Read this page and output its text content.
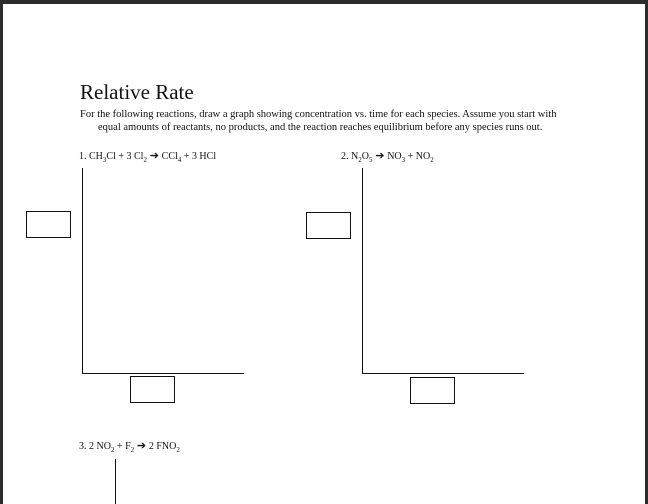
Relative Rate
For the following reactions, draw a graph showing concentration vs. time for each species. Assume you start with
equal amounts of reactants, no products, and the reaction reaches equilibrium before any species runs out.
1. $CH_3Cl + 3$ $Cl_2$ ➔ CCl$_4$ + 3 HCl	2. $N_2O_5$ ➔ $NO_3 + NO_2$
3. 2 $NO_2 + F_2$ ➔ 2 $FNO_2$
